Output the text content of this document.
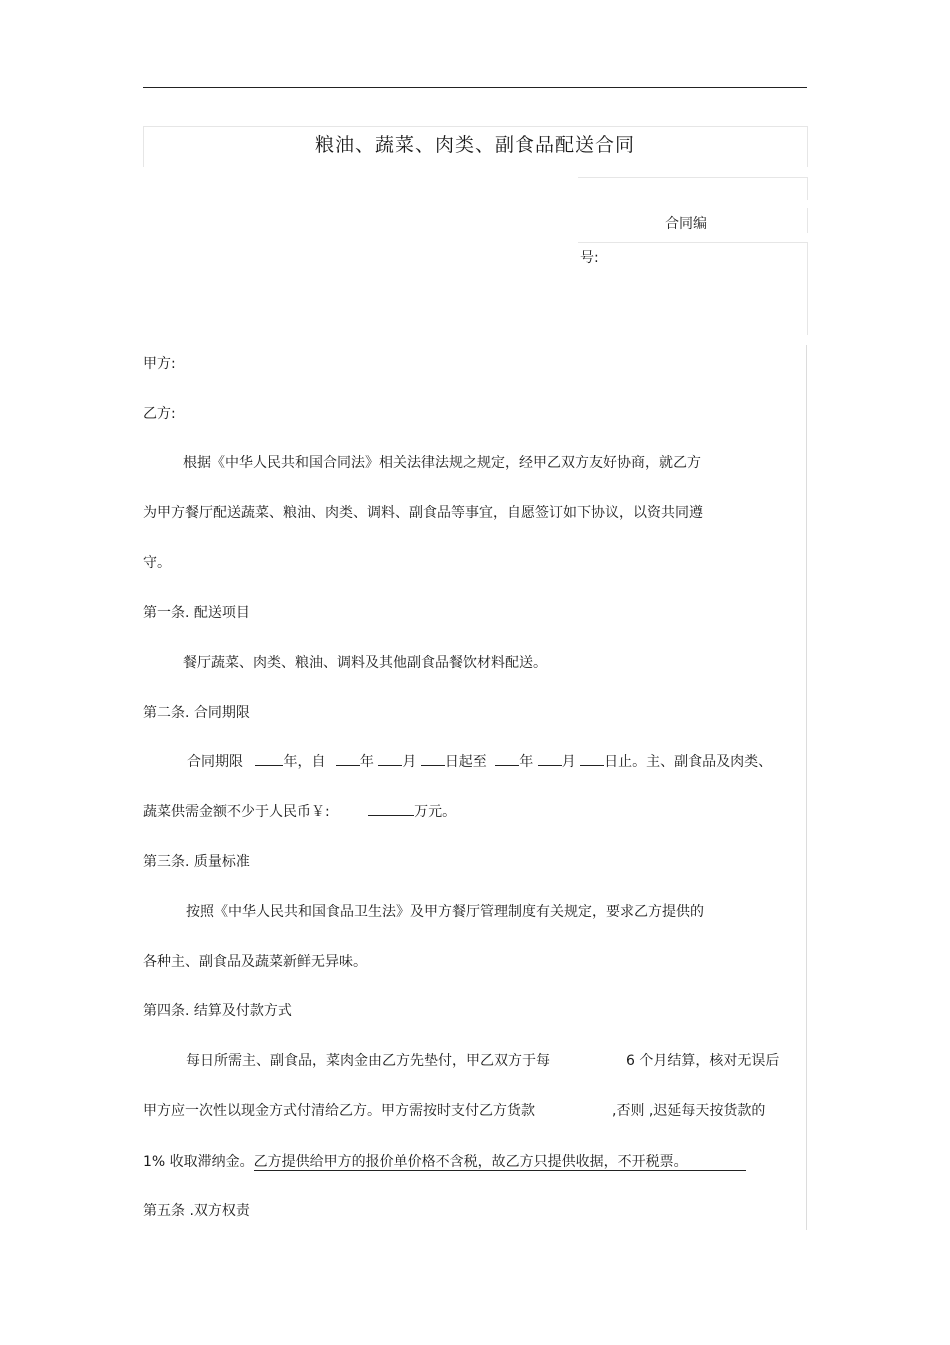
粮油、蔬菜、肉类、副食品配送合同
合同编
号:
甲方:
乙方:
根据《中华人民共和国合同法》相关法律法规之规定，经甲乙双方友好协商，就乙方
为甲方餐厅配送蔬菜、粮油、肉类、调料、副食品等事宜，自愿签订如下协议，以资共同遵
守。
第一条. 配送项目
餐厅蔬菜、肉类、粮油、调料及其他副食品餐饮材料配送。
第二条. 合同期限
合同期限	年，自 年 月 日起至 年 月 日止。主、副食品及肉类、
蔬菜供需金额不少于人民币￥:	万元。
第三条. 质量标准
按照《中华人民共和国食品卫生法》及甲方餐厅管理制度有关规定，要求乙方提供的
各种主、副食品及蔬菜新鲜无异味。
第四条. 结算及付款方式
每日所需主、副食品，菜肉金由乙方先垫付，甲乙双方于每	6 个月结算，核对无误后
甲方应一次性以现金方式付清给乙方。甲方需按时支付乙方货款	,否则 ,迟延每天按货款的
1% 收取滞纳金。乙方提供给甲方的报价单价格不含税，故乙方只提供收据，不开税票。
第五条 .双方权责
